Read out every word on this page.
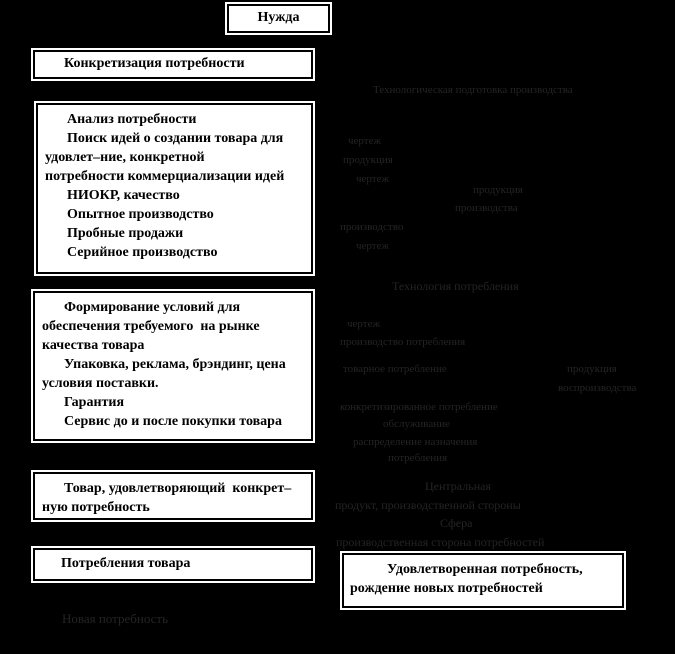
Нужда
Конкретизация потребности
Анализ потребности
Поиск идей о создании товара для
удовлет–ние, конкретной
потребности коммерциализации идей
НИОКР, качество
Опытное производство
Пробные продажи
Серийное производство
Формирование условий для
обеспечения требуемого  на рынке
качества товара
Упаковка, реклама, брэндинг, цена
условия поставки.
Гарантия
Сервис до и после покупки товара
Товар, удовлетворяющий  конкрет–
ную потребность
Потребления товара	Удовлетворенная потребность,
рождение новых потребностей
Технологическая подготовка производства
чертеж
продукция
чертеж
продукция
производства
производство
чертеж
Технология потребления
чертеж
производство потребления
товарное потребление	продукция
воспроизводства
конкретизированное потребление
обслуживание
распределение назначения
потребления
Центральная
продукт, производственной стороны
Сфера
производственная сторона потребностей
Новая потребность
